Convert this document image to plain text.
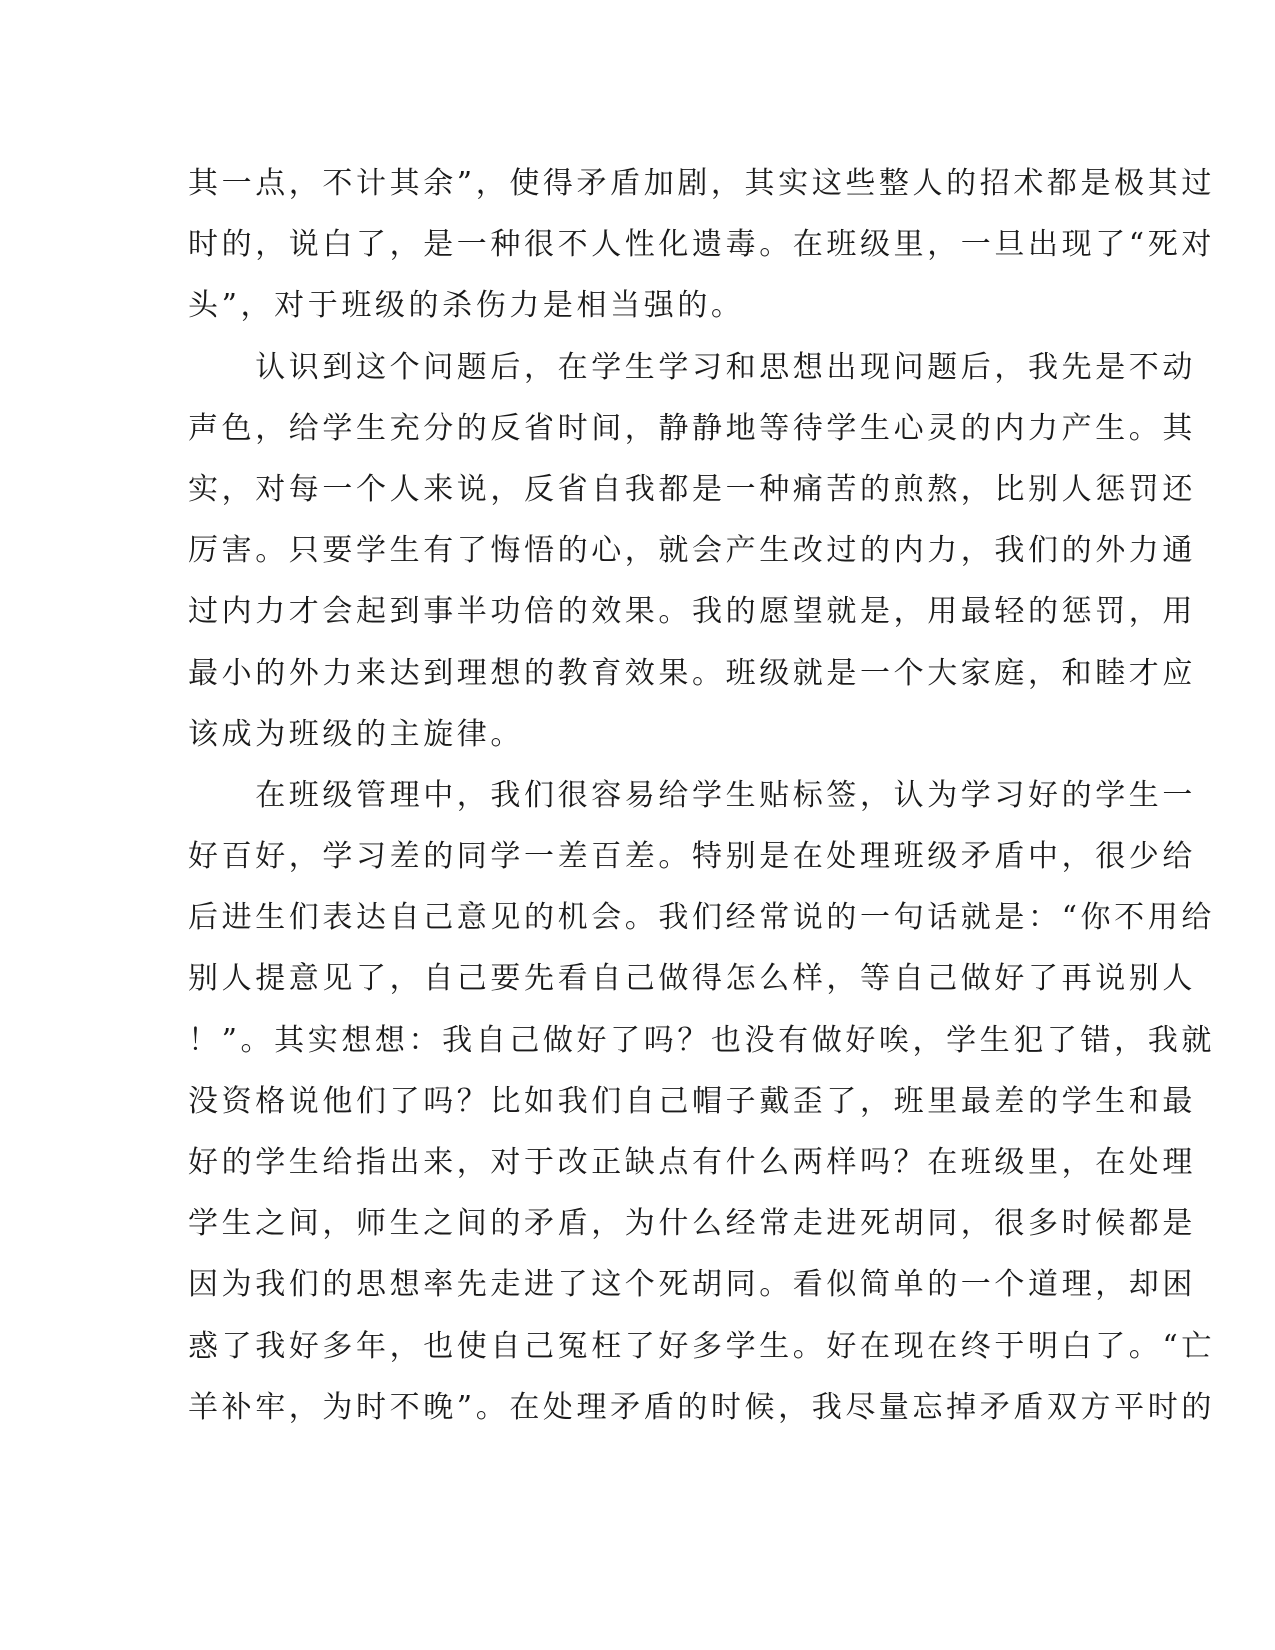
其一点，不计其余”，使得矛盾加剧，其实这些整人的招术都是极其过
时的，说白了，是一种很不人性化遗毒。在班级里，一旦出现了“死对
头”，对于班级的杀伤力是相当强的。
　　认识到这个问题后，在学生学习和思想出现问题后，我先是不动
声色，给学生充分的反省时间，静静地等待学生心灵的内力产生。其
实，对每一个人来说，反省自我都是一种痛苦的煎熬，比别人惩罚还
厉害。只要学生有了悔悟的心，就会产生改过的内力，我们的外力通
过内力才会起到事半功倍的效果。我的愿望就是，用最轻的惩罚，用
最小的外力来达到理想的教育效果。班级就是一个大家庭，和睦才应
该成为班级的主旋律。
　　在班级管理中，我们很容易给学生贴标签，认为学习好的学生一
好百好，学习差的同学一差百差。特别是在处理班级矛盾中，很少给
后进生们表达自己意见的机会。我们经常说的一句话就是：“你不用给
别人提意见了，自己要先看自己做得怎么样，等自己做好了再说别人
！”。其实想想：我自己做好了吗？也没有做好唉，学生犯了错，我就
没资格说他们了吗？比如我们自己帽子戴歪了，班里最差的学生和最
好的学生给指出来，对于改正缺点有什么两样吗？在班级里，在处理
学生之间，师生之间的矛盾，为什么经常走进死胡同，很多时候都是
因为我们的思想率先走进了这个死胡同。看似简单的一个道理，却困
惑了我好多年，也使自己冤枉了好多学生。好在现在终于明白了。“亡
羊补牢，为时不晚”。在处理矛盾的时候，我尽量忘掉矛盾双方平时的
